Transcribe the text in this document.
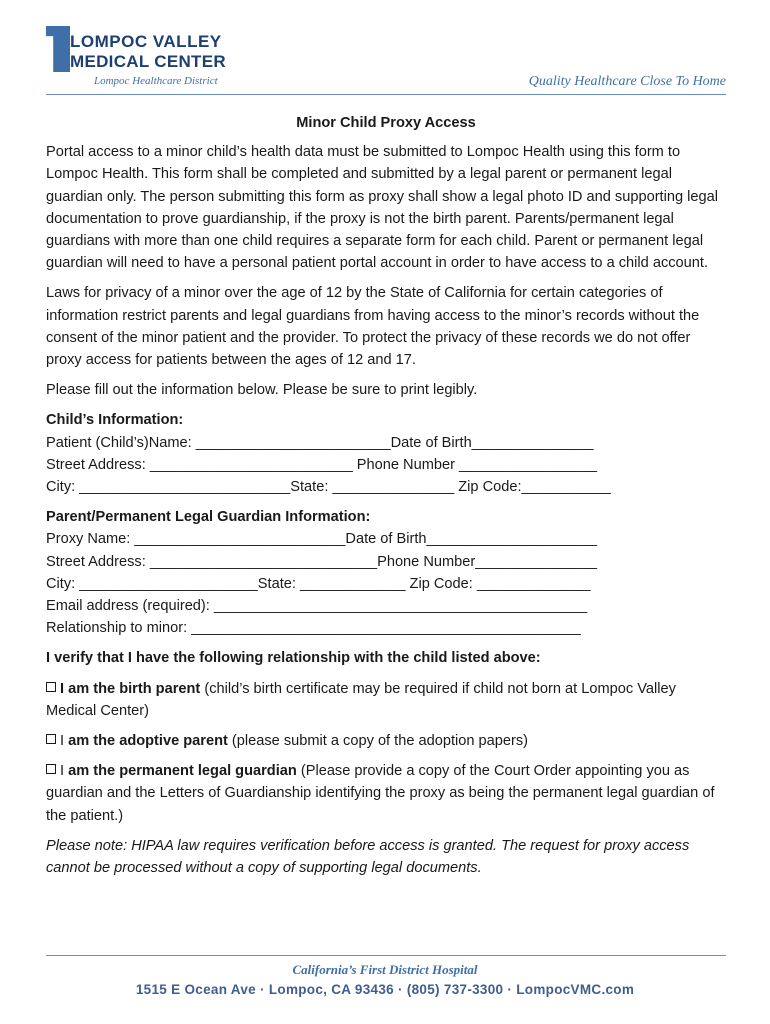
LOMPOC VALLEY
MEDICAL CENTER
Lompoc Healthcare District	Quality Healthcare Close To Home

Minor Child Proxy Access

Portal access to a minor child’s health data must be submitted to Lompoc Health using this form to Lompoc Health. This form shall be completed and submitted by a legal parent or permanent legal guardian only. The person submitting this form as proxy shall show a legal photo ID and supporting legal documentation to prove guardianship, if the proxy is not the birth parent. Parents/permanent legal guardians with more than one child requires a separate form for each child. Parent or permanent legal guardian will need to have a personal patient portal account in order to have access to a child account.

Laws for privacy of a minor over the age of 12 by the State of California for certain categories of information restrict parents and legal guardians from having access to the minor’s records without the consent of the minor patient and the provider. To protect the privacy of these records we do not offer proxy access for patients between the ages of 12 and 17.

Please fill out the information below. Please be sure to print legibly.

Child’s Information:

Patient (Child’s)Name: ________________________Date of Birth_______________

Street Address: _________________________ Phone Number _________________

City: __________________________State: _______________ Zip Code:___________

Parent/Permanent Legal Guardian Information:

Proxy Name: __________________________Date of Birth_____________________

Street Address: ____________________________Phone Number_______________

City: ______________________State: _____________ Zip Code: ______________

Email address (required): ______________________________________________

Relationship to minor: ________________________________________________

I verify that I have the following relationship with the child listed above:

I am the birth parent (child’s birth certificate may be required if child not born at Lompoc Valley Medical Center)

I am the adoptive parent (please submit a copy of the adoption papers)

I am the permanent legal guardian (Please provide a copy of the Court Order appointing you as guardian and the Letters of Guardianship identifying the proxy as being the permanent legal guardian of the patient.)

Please note: HIPAA law requires verification before access is granted. The request for proxy access cannot be processed without a copy of supporting legal documents.

California’s First District Hospital
1515 E Ocean Ave · Lompoc, CA 93436 · (805) 737-3300 · LompocVMC.com
